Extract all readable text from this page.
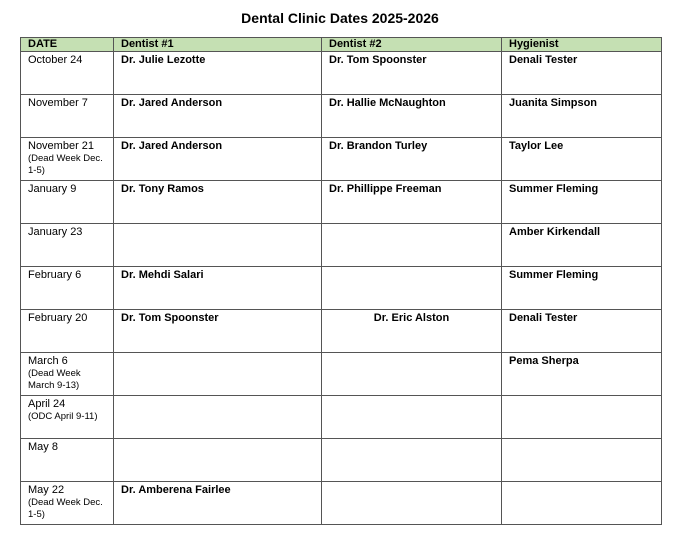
Dental Clinic Dates 2025-2026
DATE	Dentist #1	Dentist #2	Hygienist

October 24	Dr. Julie Lezotte	Dr. Tom Spoonster	Denali Tester

November 7	Dr. Jared Anderson	Dr. Hallie McNaughton	Juanita Simpson

November 21
(Dead Week Dec. 1-5)	Dr. Jared Anderson	Dr. Brandon Turley	Taylor Lee

January 9	Dr. Tony Ramos	Dr. Phillippe Freeman	Summer Fleming

January 23			Amber Kirkendall

February 6	Dr. Mehdi Salari		Summer Fleming

February 20	Dr. Tom Spoonster	Dr. Eric Alston	Denali Tester

March 6
(Dead Week March 9-13)			Pema Sherpa

April 24
(ODC April 9-11)			

May 8			

May 22
(Dead Week Dec. 1-5)	Dr. Amberena Fairlee		
